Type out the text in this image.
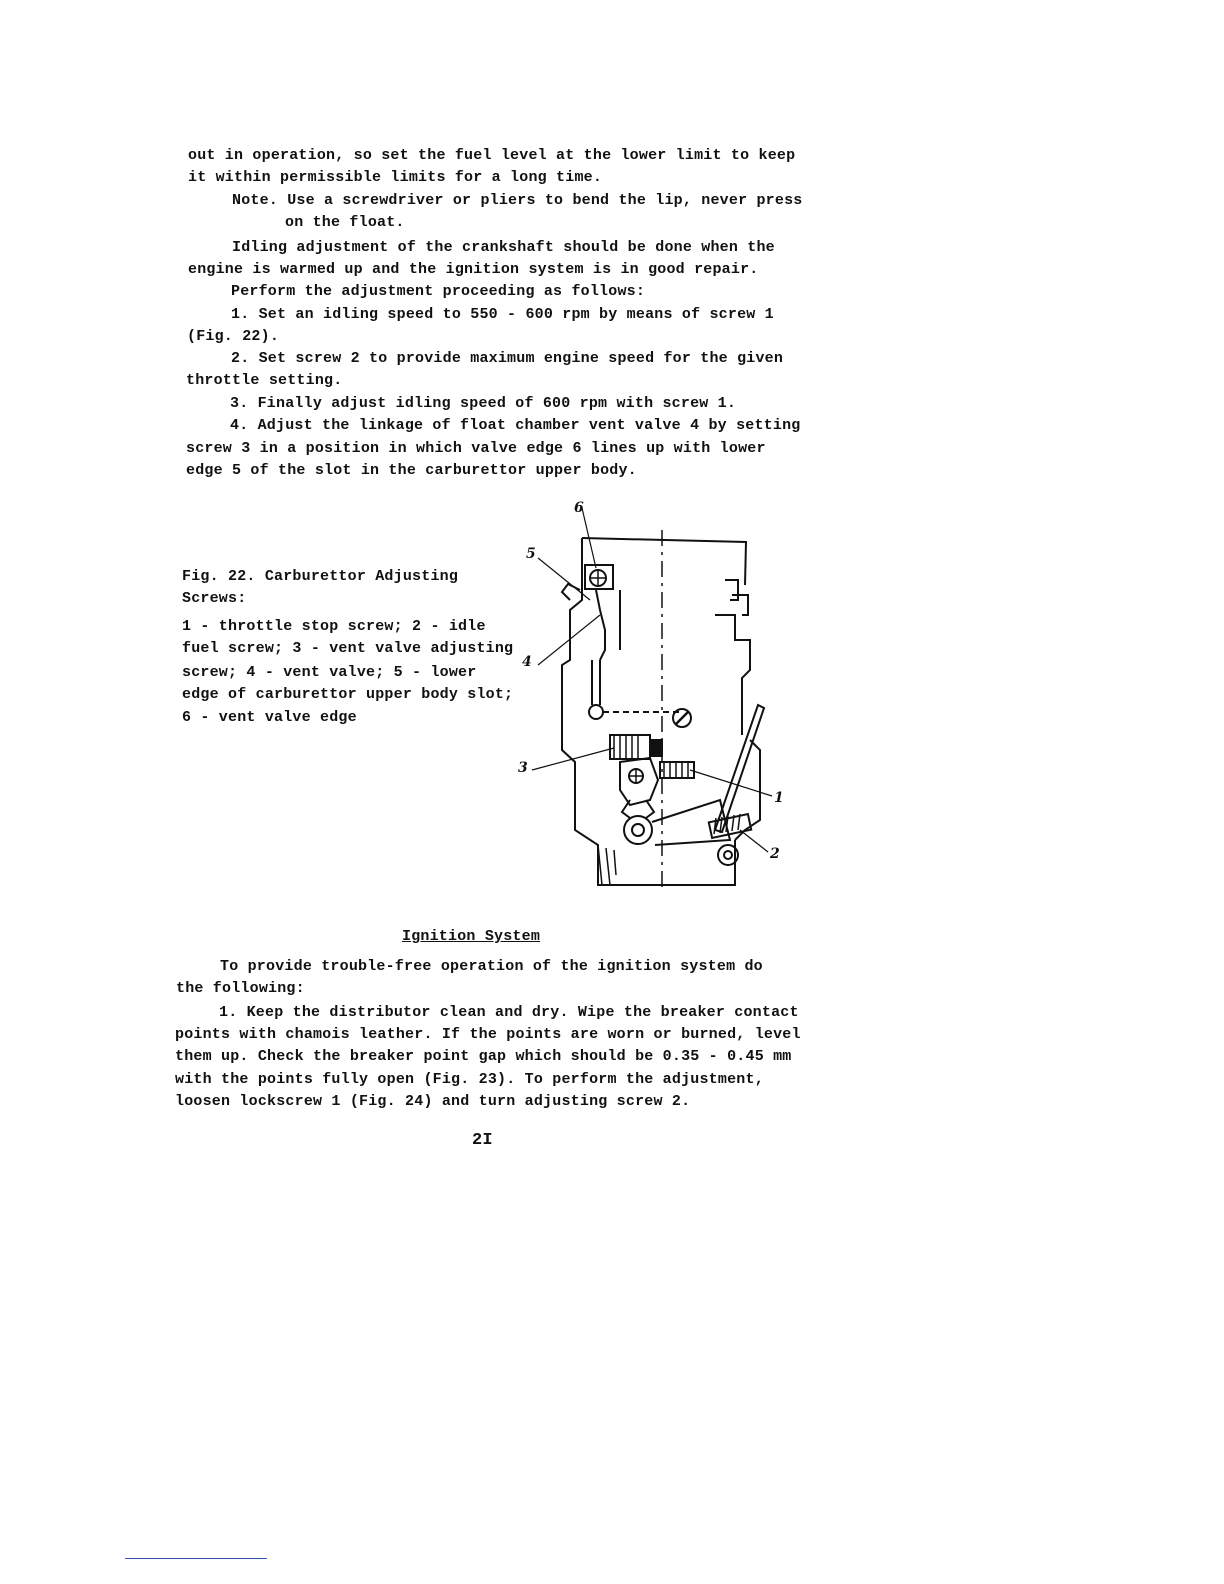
out in operation, so set the fuel level at the lower limit to keep
it within permissible limits for a long time.
Note. Use a screwdriver or pliers to bend the lip, never press
on the float.
Idling adjustment of the crankshaft should be done when the
engine is warmed up and the ignition system is in good repair.
Perform the adjustment proceeding as follows:
1. Set an idling speed to 550 - 600 rpm by means of screw 1
(Fig. 22).
2. Set screw 2 to provide maximum engine speed for the given
throttle setting.
3. Finally adjust idling speed of 600 rpm with screw 1.
4. Adjust the linkage of float chamber vent valve 4 by setting
screw 3 in a position in which valve edge 6 lines up with lower
edge 5 of the slot in the carburettor upper body.
Fig. 22. Carburettor Adjusting
Screws:
1 - throttle stop screw; 2 - idle
fuel screw; 3 - vent valve adjusting
screw; 4 - vent valve; 5 - lower
edge of carburettor upper body slot;
6 - vent valve edge
6
5
4
3
1
2
Ignition System
To provide trouble-free operation of the ignition system do
the following:
1. Keep the distributor clean and dry. Wipe the breaker contact
points with chamois leather. If the points are worn or burned, level
them up. Check the breaker point gap which should be 0.35 - 0.45 mm
with the points fully open (Fig. 23). To perform the adjustment,
loosen lockscrew 1 (Fig. 24) and turn adjusting screw 2.
2I
